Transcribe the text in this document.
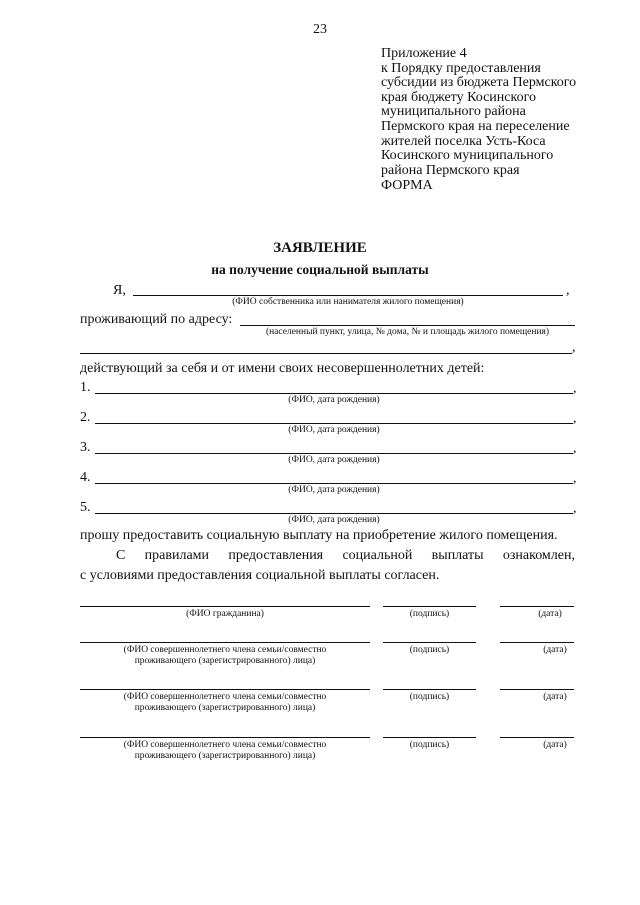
23
Приложение 4
к Порядку предоставления
субсидии из бюджета Пермского
края бюджету Косинского
муниципального района
Пермского края на переселение
жителей поселка Усть-Коса
Косинского муниципального
района Пермского края
ФОРМА
ЗАЯВЛЕНИЕ
на получение социальной выплаты
Я,	,
(ФИО собственника или нанимателя жилого помещения)
проживающий по адресу:
(населенный пункт, улица, № дома, № и площадь жилого помещения)
,
действующий за себя и от имени своих несовершеннолетних детей:
1.	,
(ФИО, дата рождения)
2.	,
(ФИО, дата рождения)
3.	,
(ФИО, дата рождения)
4.	,
(ФИО, дата рождения)
5.	,
(ФИО, дата рождения)
прошу предоставить социальную выплату на приобретение жилого помещения.
С правилами предоставления социальной выплаты ознакомлен,
с условиями предоставления социальной выплаты согласен.
(ФИО гражданина)	(подпись)	(дата)
(ФИО совершеннолетнего члена семьи/совместно
проживающего (зарегистрированного) лица)
(подпись)	(дата)
(ФИО совершеннолетнего члена семьи/совместно
проживающего (зарегистрированного) лица)
(подпись)	(дата)
(ФИО совершеннолетнего члена семьи/совместно
проживающего (зарегистрированного) лица)
(подпись)	(дата)
